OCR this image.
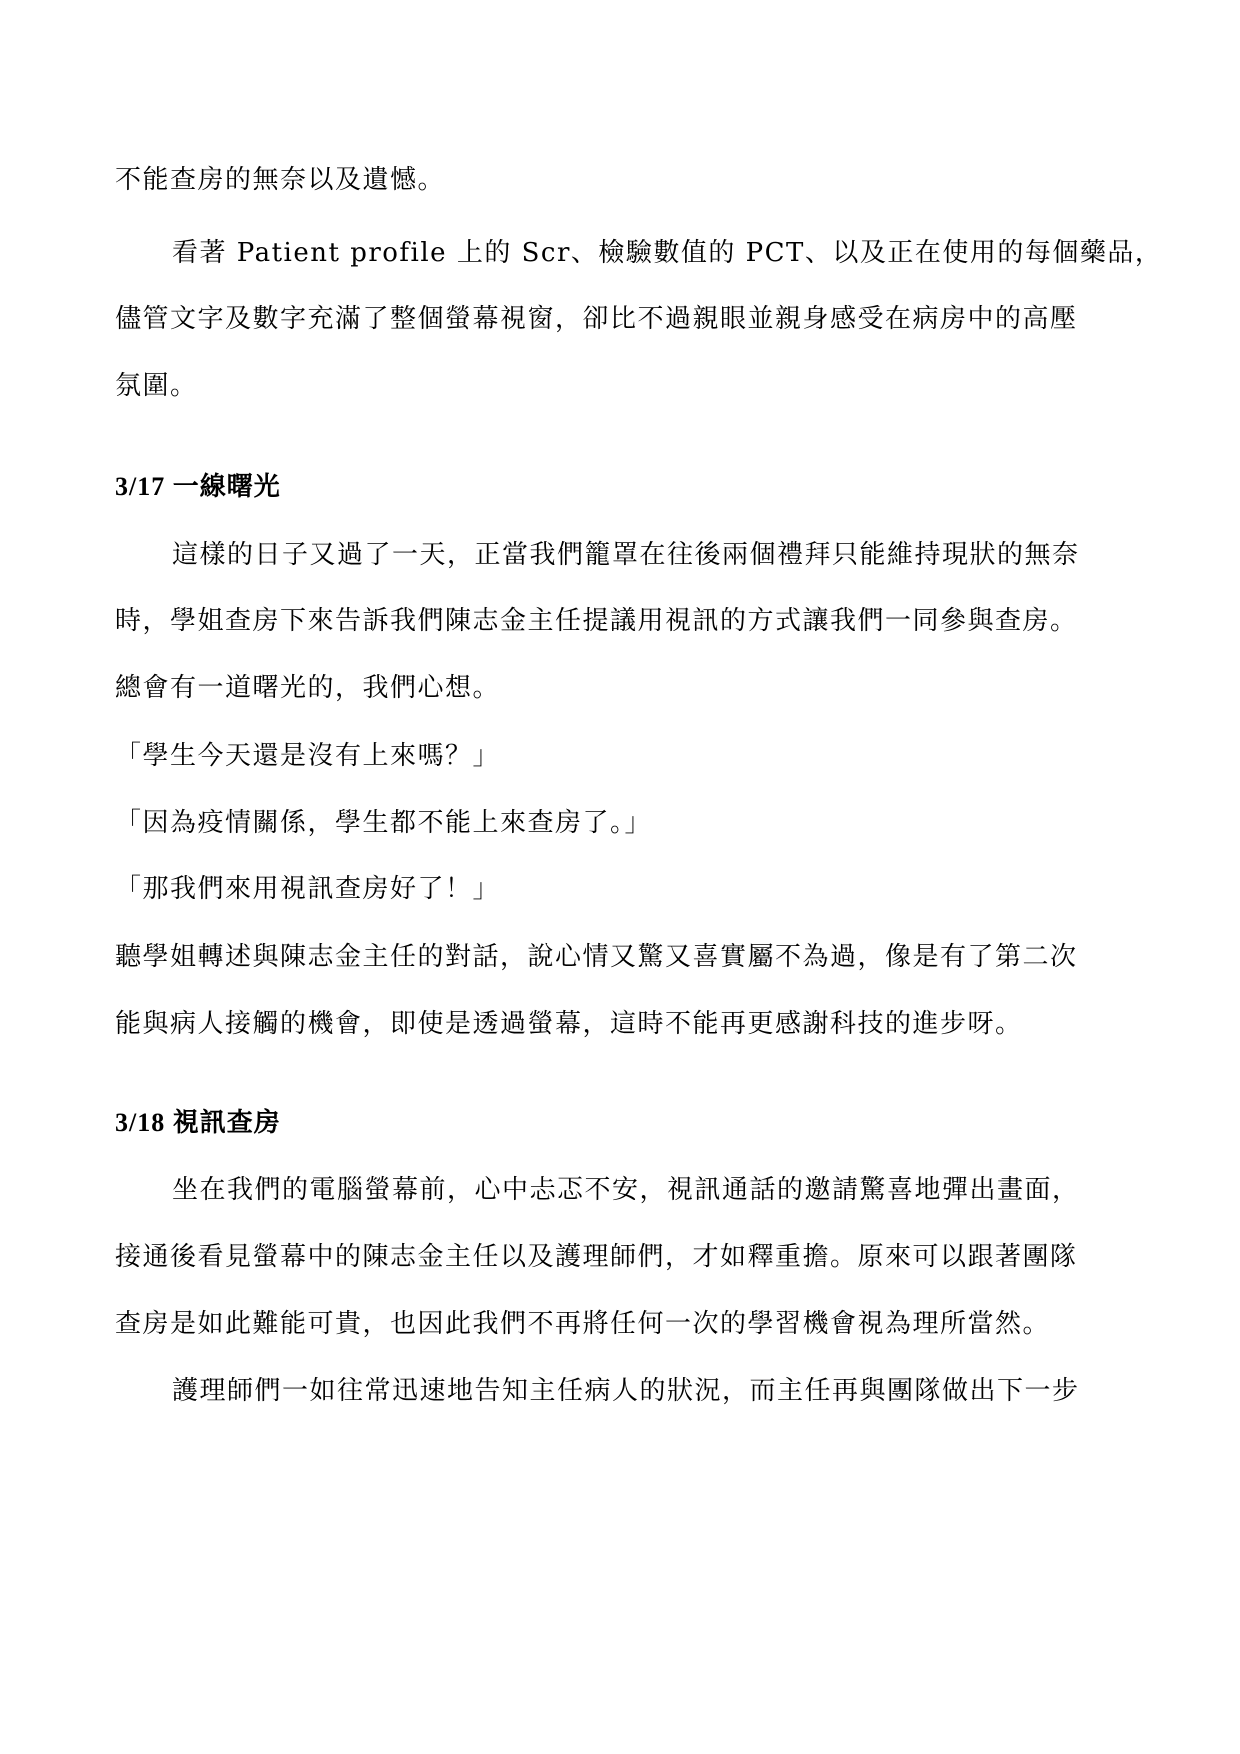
不能查房的無奈以及遺憾。
看著 Patient profile 上的 Scr、檢驗數值的 PCT、以及正在使用的每個藥品，
儘管文字及數字充滿了整個螢幕視窗，卻比不過親眼並親身感受在病房中的高壓
氛圍。
3/17 一線曙光
這樣的日子又過了一天，正當我們籠罩在往後兩個禮拜只能維持現狀的無奈
時，學姐查房下來告訴我們陳志金主任提議用視訊的方式讓我們一同參與查房。
總會有一道曙光的，我們心想。
「學生今天還是沒有上來嗎？」
「因為疫情關係，學生都不能上來查房了。」
「那我們來用視訊查房好了！」
聽學姐轉述與陳志金主任的對話，說心情又驚又喜實屬不為過，像是有了第二次
能與病人接觸的機會，即使是透過螢幕，這時不能再更感謝科技的進步呀。
3/18 視訊查房
坐在我們的電腦螢幕前，心中忐忑不安，視訊通話的邀請驚喜地彈出畫面，
接通後看見螢幕中的陳志金主任以及護理師們，才如釋重擔。原來可以跟著團隊
查房是如此難能可貴，也因此我們不再將任何一次的學習機會視為理所當然。
護理師們一如往常迅速地告知主任病人的狀況，而主任再與團隊做出下一步
